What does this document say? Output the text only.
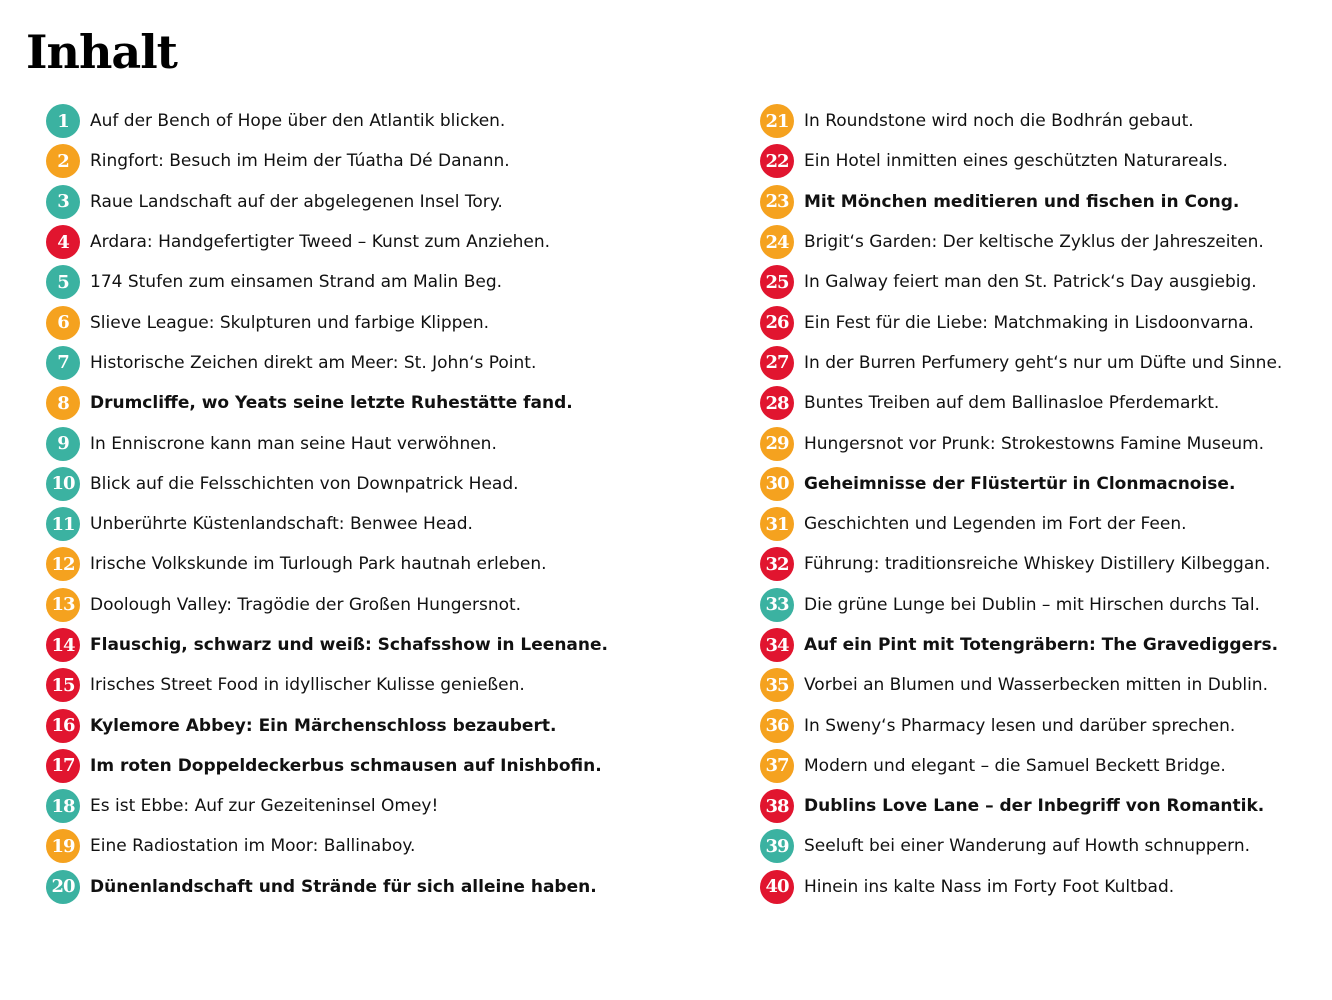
Inhalt
1	Auf der Bench of Hope über den Atlantik blicken.
2	Ringfort: Besuch im Heim der Túatha Dé Danann.
3	Raue Landschaft auf der abgelegenen Insel Tory.
4	Ardara: Handgefertigter Tweed – Kunst zum Anziehen.
5	174 Stufen zum einsamen Strand am Malin Beg.
6	Slieve League: Skulpturen und farbige Klippen.
7	Historische Zeichen direkt am Meer: St. John‘s Point.
8	Drumcliffe, wo Yeats seine letzte Ruhestätte fand.
9	In Enniscrone kann man seine Haut verwöhnen.
10 Blick auf die Felsschichten von Downpatrick Head.
11 Unberührte Küstenlandschaft: Benwee Head.
12 Irische Volkskunde im Turlough Park hautnah erleben.
13 Doolough Valley: Tragödie der Großen Hungersnot.
14 Flauschig, schwarz und weiß: Schafsshow in Leenane.
15 Irisches Street Food in idyllischer Kulisse genießen.
16 Kylemore Abbey: Ein Märchenschloss bezaubert.
17 Im roten Doppeldeckerbus schmausen auf Inishbofin.
18 Es ist Ebbe: Auf zur Gezeiteninsel Omey!
19 Eine Radiostation im Moor: Ballinaboy.
20 Dünenlandschaft und Strände für sich alleine haben.
21 In Roundstone wird noch die Bodhrán gebaut.
22 Ein Hotel inmitten eines geschützten Naturareals.
23 Mit Mönchen meditieren und fischen in Cong.
24 Brigit‘s Garden: Der keltische Zyklus der Jahreszeiten.
25 In Galway feiert man den St. Patrick‘s Day ausgiebig.
26 Ein Fest für die Liebe: Matchmaking in Lisdoonvarna.
27 In der Burren Perfumery geht‘s nur um Düfte und Sinne.
28 Buntes Treiben auf dem Ballinasloe Pferdemarkt.
29 Hungersnot vor Prunk: Strokestowns Famine Museum.
30 Geheimnisse der Flüstertür in Clonmacnoise.
31 Geschichten und Legenden im Fort der Feen.
32 Führung: traditionsreiche Whiskey Distillery Kilbeggan.
33 Die grüne Lunge bei Dublin – mit Hirschen durchs Tal.
34 Auf ein Pint mit Totengräbern: The Gravediggers.
35 Vorbei an Blumen und Wasserbecken mitten in Dublin.
36 In Sweny‘s Pharmacy lesen und darüber sprechen.
37 Modern und elegant – die Samuel Beckett Bridge.
38 Dublins Love Lane – der Inbegriff von Romantik.
39 Seeluft bei einer Wanderung auf Howth schnuppern.
40 Hinein ins kalte Nass im Forty Foot Kultbad.
